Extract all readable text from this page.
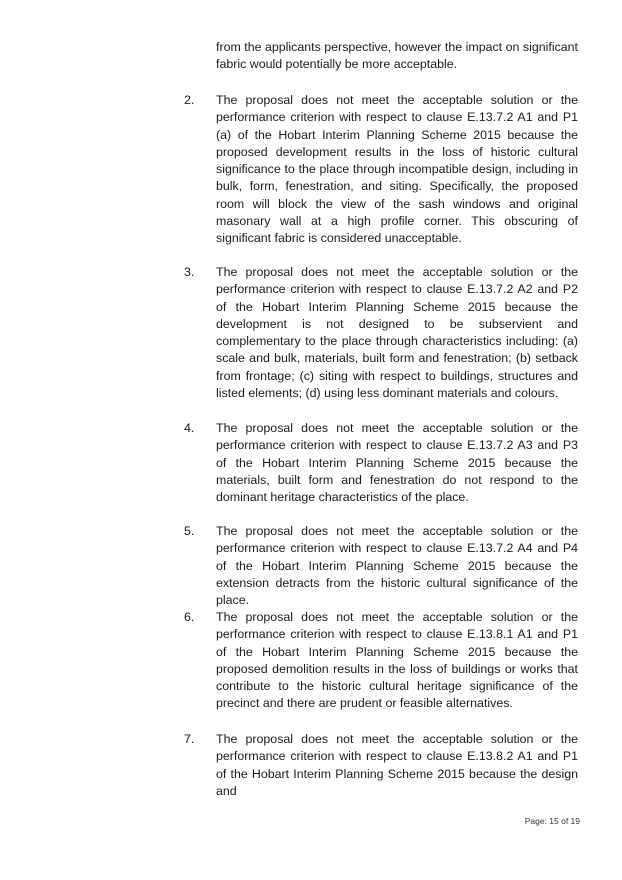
from the applicants perspective, however the impact on significant fabric would potentially be more acceptable.

2. The proposal does not meet the acceptable solution or the performance criterion with respect to clause E.13.7.2 A1 and P1 (a) of the Hobart Interim Planning Scheme 2015 because the proposed development results in the loss of historic cultural significance to the place through incompatible design, including in bulk, form, fenestration, and siting. Specifically, the proposed room will block the view of the sash windows and original masonary wall at a high profile corner. This obscuring of significant fabric is considered unacceptable.

3. The proposal does not meet the acceptable solution or the performance criterion with respect to clause E.13.7.2 A2 and P2 of the Hobart Interim Planning Scheme 2015 because the development is not designed to be subservient and complementary to the place through characteristics including: (a) scale and bulk, materials, built form and fenestration; (b) setback from frontage; (c) siting with respect to buildings, structures and listed elements; (d) using less dominant materials and colours.

4. The proposal does not meet the acceptable solution or the performance criterion with respect to clause E.13.7.2 A3 and P3 of the Hobart Interim Planning Scheme 2015 because the materials, built form and fenestration do not respond to the dominant heritage characteristics of the place.

5. The proposal does not meet the acceptable solution or the performance criterion with respect to clause E.13.7.2 A4 and P4 of the Hobart Interim Planning Scheme 2015 because the extension detracts from the historic cultural significance of the place.

6. The proposal does not meet the acceptable solution or the performance criterion with respect to clause E.13.8.1 A1 and P1 of the Hobart Interim Planning Scheme 2015 because the proposed demolition results in the loss of buildings or works that contribute to the historic cultural heritage significance of the precinct and there are prudent or feasible alternatives.

7. The proposal does not meet the acceptable solution or the performance criterion with respect to clause E.13.8.2 A1 and P1 of the Hobart Interim Planning Scheme 2015 because the design and

Page: 15 of 19
